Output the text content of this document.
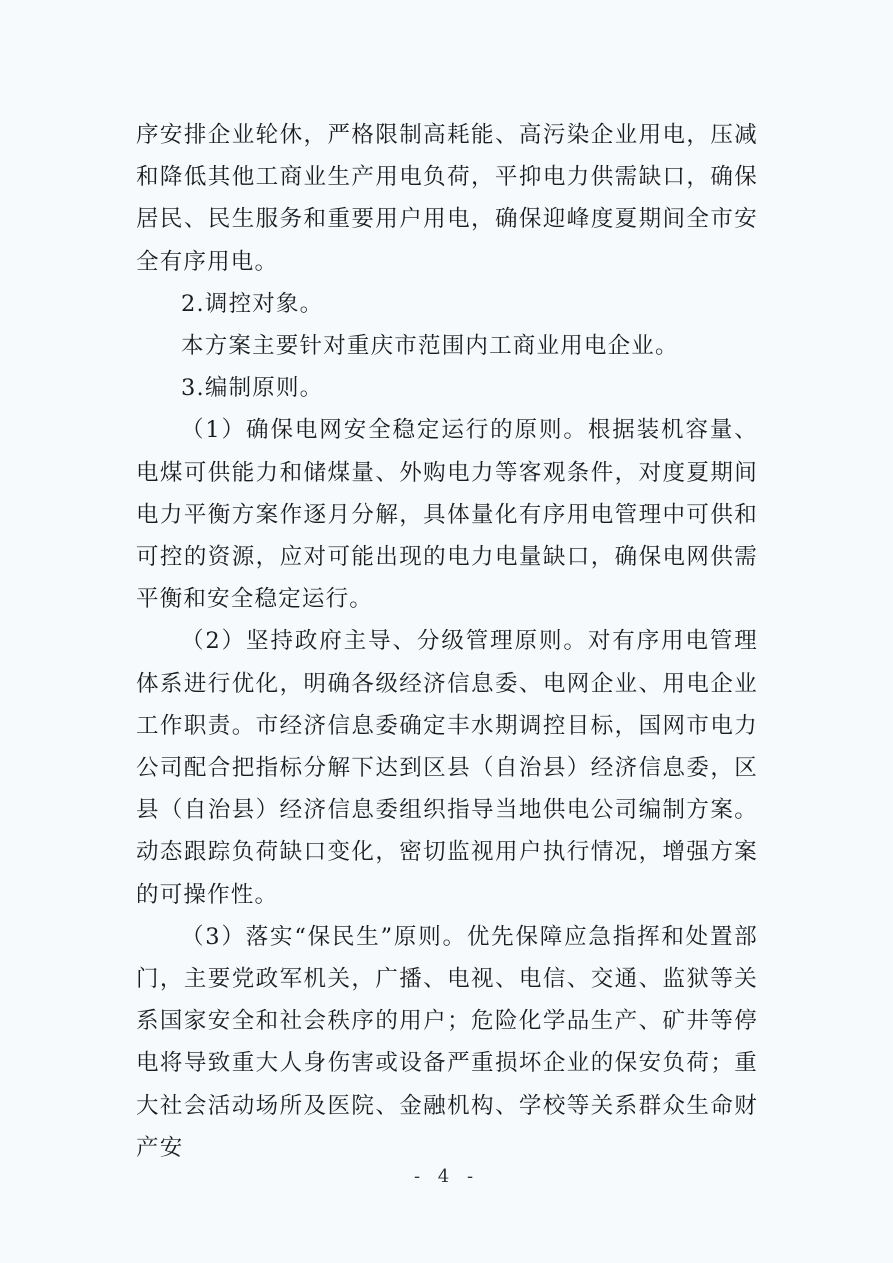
序安排企业轮休，严格限制高耗能、高污染企业用电，压减和降低其他工商业生产用电负荷，平抑电力供需缺口，确保居民、民生服务和重要用户用电，确保迎峰度夏期间全市安全有序用电。

2.调控对象。

本方案主要针对重庆市范围内工商业用电企业。

3.编制原则。

（1）确保电网安全稳定运行的原则。根据装机容量、电煤可供能力和储煤量、外购电力等客观条件，对度夏期间电力平衡方案作逐月分解，具体量化有序用电管理中可供和可控的资源，应对可能出现的电力电量缺口，确保电网供需平衡和安全稳定运行。

（2）坚持政府主导、分级管理原则。对有序用电管理体系进行优化，明确各级经济信息委、电网企业、用电企业工作职责。市经济信息委确定丰水期调控目标，国网市电力公司配合把指标分解下达到区县（自治县）经济信息委，区县（自治县）经济信息委组织指导当地供电公司编制方案。动态跟踪负荷缺口变化，密切监视用户执行情况，增强方案的可操作性。

（3）落实“保民生”原则。优先保障应急指挥和处置部门，主要党政军机关，广播、电视、电信、交通、监狱等关系国家安全和社会秩序的用户；危险化学品生产、矿井等停电将导致重大人身伤害或设备严重损坏企业的保安负荷；重大社会活动场所及医院、金融机构、学校等关系群众生命财产安

- 4 -
